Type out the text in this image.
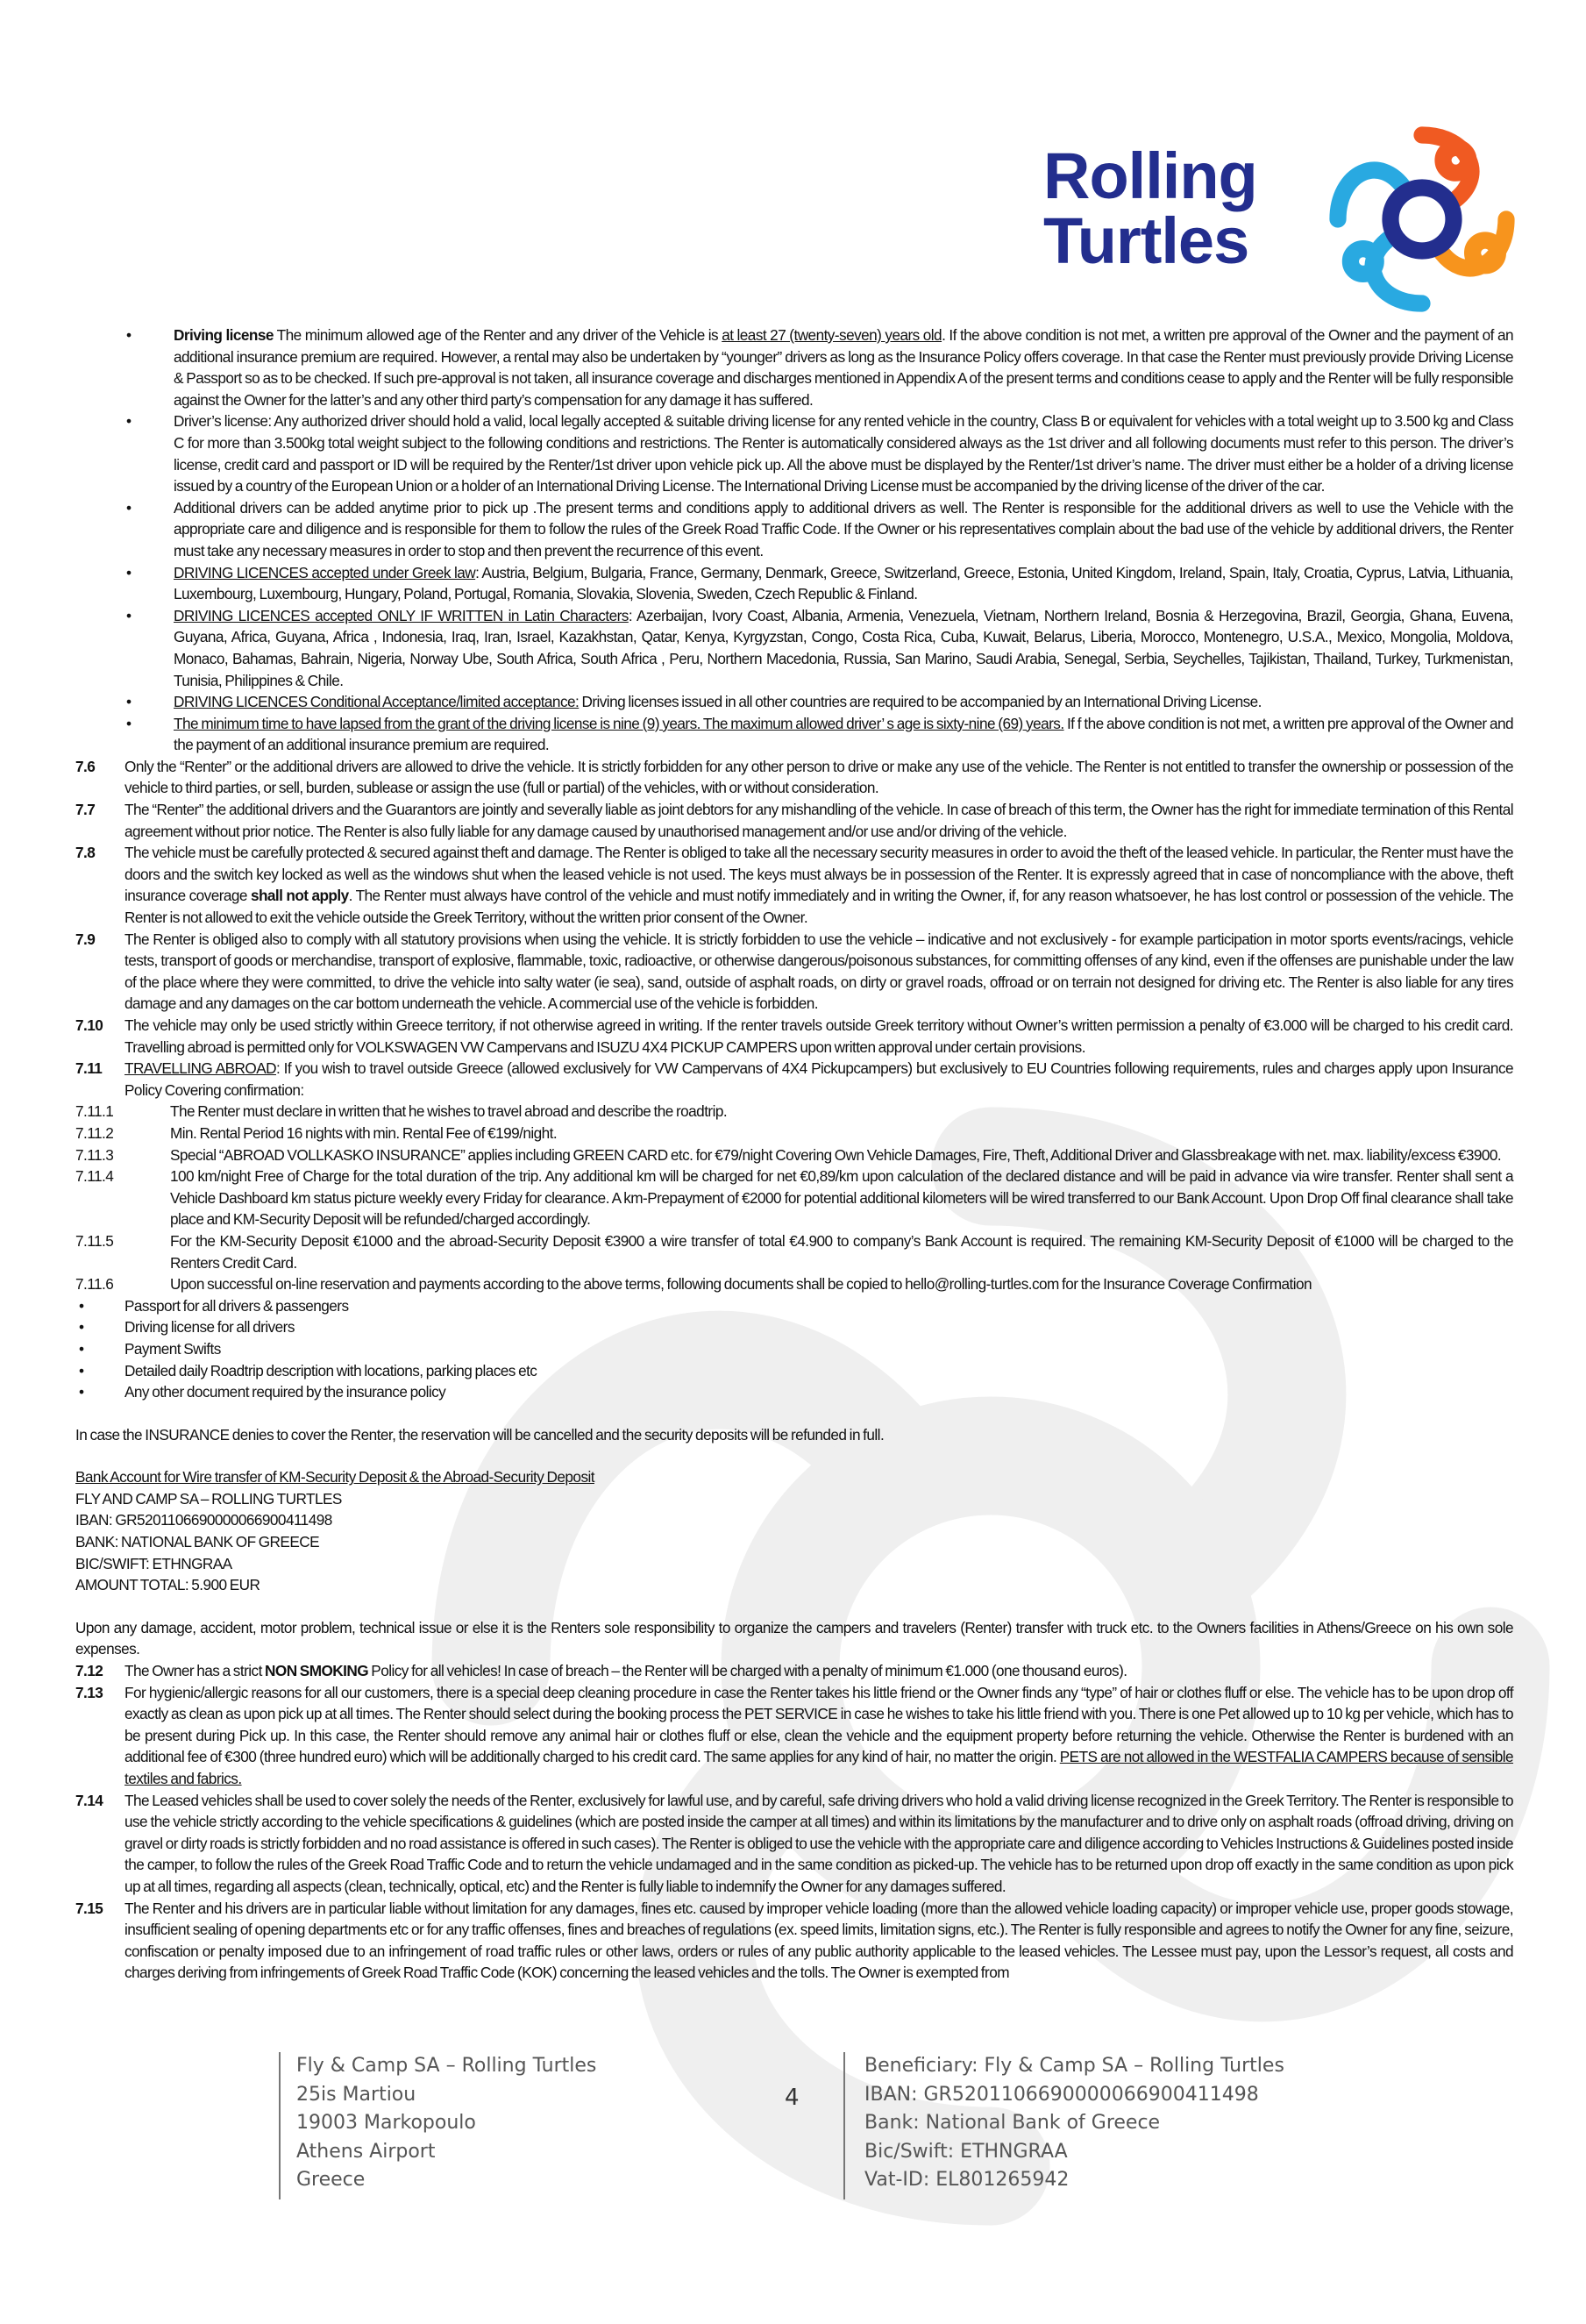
Rolling
Turtles
• Driving license The minimum allowed age of the Renter and any driver of the Vehicle is at least 27 (twenty-seven) years old. If the above condition is not met, a written pre approval of the Owner and the payment of an additional insurance premium are required. However, a rental may also be undertaken by “younger” drivers as long as the Insurance Policy offers coverage. In that case the Renter must previously provide Driving License & Passport so as to be checked. If such pre-approval is not taken, all insurance coverage and discharges mentioned in Appendix A of the present terms and conditions cease to apply and the Renter will be fully responsible against the Owner for the latter’s and any other third party’s compensation for any damage it has suffered.
• Driver’s license: Any authorized driver should hold a valid, local legally accepted & suitable driving license for any rented vehicle in the country, Class B or equivalent for vehicles with a total weight up to 3.500 kg and Class C for more than 3.500kg total weight subject to the following conditions and restrictions. The Renter is automatically considered always as the 1st driver and all following documents must refer to this person. The driver’s license, credit card and passport or ID will be required by the Renter/1st driver upon vehicle pick up. All the above must be displayed by the Renter/1st driver’s name. The driver must either be a holder of a driving license issued by a country of the European Union or a holder of an International Driving License. The International Driving License must be accompanied by the driving license of the driver of the car.
• Additional drivers can be added anytime prior to pick up .The present terms and conditions apply to additional drivers as well. The Renter is responsible for the additional drivers as well to use the Vehicle with the appropriate care and diligence and is responsible for them to follow the rules of the Greek Road Traffic Code. If the Owner or his representatives complain about the bad use of the vehicle by additional drivers, the Renter must take any necessary measures in order to stop and then prevent the recurrence of this event.
• DRIVING LICENCES accepted under Greek law: Austria, Belgium, Bulgaria, France, Germany, Denmark, Greece, Switzerland, Greece, Estonia, United Kingdom, Ireland, Spain, Italy, Croatia, Cyprus, Latvia, Lithuania, Luxembourg, Luxembourg, Hungary, Poland, Portugal, Romania, Slovakia, Slovenia, Sweden, Czech Republic & Finland.
• DRIVING LICENCES accepted ONLY IF WRITTEN in Latin Characters: Azerbaijan, Ivory Coast, Albania, Armenia, Venezuela, Vietnam, Northern Ireland, Bosnia & Herzegovina, Brazil, Georgia, Ghana, Euvena, Guyana, Africa, Guyana, Africa , Indonesia, Iraq, Iran, Israel, Kazakhstan, Qatar, Kenya, Kyrgyzstan, Congo, Costa Rica, Cuba, Kuwait, Belarus, Liberia, Morocco, Montenegro, U.S.A., Mexico, Mongolia, Moldova, Monaco, Bahamas, Bahrain, Nigeria, Norway Ube, South Africa, South Africa , Peru, Northern Macedonia, Russia, San Marino, Saudi Arabia, Senegal, Serbia, Seychelles, Tajikistan, Thailand, Turkey, Turkmenistan, Tunisia, Philippines & Chile.
• DRIVING LICENCES Conditional Acceptance/limited acceptance: Driving licenses issued in all other countries are required to be accompanied by an International Driving License.
• The minimum time to have lapsed from the grant of the driving license is nine (9) years. The maximum allowed driver’ s age is sixty-nine (69) years. If f the above condition is not met, a written pre approval of the Owner and the payment of an additional insurance premium are required.
7.6 Only the “Renter” or the additional drivers are allowed to drive the vehicle. It is strictly forbidden for any other person to drive or make any use of the vehicle. The Renter is not entitled to transfer the ownership or possession of the vehicle to third parties, or sell, burden, sublease or assign the use (full or partial) of the vehicles, with or without consideration.
7.7 The “Renter” the additional drivers and the Guarantors are jointly and severally liable as joint debtors for any mishandling of the vehicle. In case of breach of this term, the Owner has the right for immediate termination of this Rental agreement without prior notice. The Renter is also fully liable for any damage caused by unauthorised management and/or use and/or driving of the vehicle.
7.8 The vehicle must be carefully protected & secured against theft and damage. The Renter is obliged to take all the necessary security measures in order to avoid the theft of the leased vehicle. In particular, the Renter must have the doors and the switch key locked as well as the windows shut when the leased vehicle is not used. The keys must always be in possession of the Renter. It is expressly agreed that in case of noncompliance with the above, theft insurance coverage shall not apply. The Renter must always have control of the vehicle and must notify immediately and in writing the Owner, if, for any reason whatsoever, he has lost control or possession of the vehicle. The Renter is not allowed to exit the vehicle outside the Greek Territory, without the written prior consent of the Owner.
7.9 The Renter is obliged also to comply with all statutory provisions when using the vehicle. It is strictly forbidden to use the vehicle – indicative and not exclusively - for example participation in motor sports events/racings, vehicle tests, transport of goods or merchandise, transport of explosive, flammable, toxic, radioactive, or otherwise dangerous/poisonous substances, for committing offenses of any kind, even if the offenses are punishable under the law of the place where they were committed, to drive the vehicle into salty water (ie sea), sand, outside of asphalt roads, on dirty or gravel roads, offroad or on terrain not designed for driving etc. The Renter is also liable for any tires damage and any damages on the car bottom underneath the vehicle. A commercial use of the vehicle is forbidden.
7.10 The vehicle may only be used strictly within Greece territory, if not otherwise agreed in writing. If the renter travels outside Greek territory without Owner’s written permission a penalty of €3.000 will be charged to his credit card. Travelling abroad is permitted only for VOLKSWAGEN VW Campervans and ISUZU 4X4 PICKUP CAMPERS upon written approval under certain provisions.
7.11 TRAVELLING ABROAD: If you wish to travel outside Greece (allowed exclusively for VW Campervans of 4X4 Pickupcampers) but exclusively to EU Countries following requirements, rules and charges apply upon Insurance Policy Covering confirmation:
7.11.1	The Renter must declare in written that he wishes to travel abroad and describe the roadtrip.
7.11.2	Min. Rental Period 16 nights with min. Rental Fee of €199/night.
7.11.3	Special “ABROAD VOLLKASKO INSURANCE” applies including GREEN CARD etc. for €79/night Covering Own Vehicle Damages, Fire, Theft, Additional Driver and Glassbreakage with net. max. liability/excess €3900.
7.11.4	100 km/night Free of Charge for the total duration of the trip. Any additional km will be charged for net €0,89/km upon calculation of the declared distance and will be paid in advance via wire transfer. Renter shall sent a Vehicle Dashboard km status picture weekly every Friday for clearance. A km-Prepayment of €2000 for potential additional kilometers will be wired transferred to our Bank Account. Upon Drop Off final clearance shall take place and KM-Security Deposit will be refunded/charged accordingly.
7.11.5	For the KM-Security Deposit €1000 and the abroad-Security Deposit €3900 a wire transfer of total €4.900 to company’s Bank Account is required. The remaining KM-Security Deposit of €1000 will be charged to the Renters Credit Card.
7.11.6	Upon successful on-line reservation and payments according to the above terms, following documents shall be copied to hello@rolling-turtles.com for the Insurance Coverage Confirmation
• Passport for all drivers & passengers
• Driving license for all drivers
• Payment Swifts
• Detailed daily Roadtrip description with locations, parking places etc
• Any other document required by the insurance policy
In case the INSURANCE denies to cover the Renter, the reservation will be cancelled and the security deposits will be refunded in full.
Bank Account for Wire transfer of KM-Security Deposit & the Abroad-Security Deposit
FLY AND CAMP SA – ROLLING TURTLES
IBAN: GR5201106690000066900411498
BANK: NATIONAL BANK OF GREECE
BIC/SWIFT: ETHNGRAA
AMOUNT TOTAL: 5.900 EUR
Upon any damage, accident, motor problem, technical issue or else it is the Renters sole responsibility to organize the campers and travelers (Renter) transfer with truck etc. to the Owners facilities in Athens/Greece on his own sole expenses.
7.12 The Owner has a strict NON SMOKING Policy for all vehicles! In case of breach – the Renter will be charged with a penalty of minimum €1.000 (one thousand euros).
7.13 For hygienic/allergic reasons for all our customers, there is a special deep cleaning procedure in case the Renter takes his little friend or the Owner finds any “type” of hair or clothes fluff or else. The vehicle has to be upon drop off exactly as clean as upon pick up at all times. The Renter should select during the booking process the PET SERVICE in case he wishes to take his little friend with you. There is one Pet allowed up to 10 kg per vehicle, which has to be present during Pick up. In this case, the Renter should remove any animal hair or clothes fluff or else, clean the vehicle and the equipment property before returning the vehicle. Otherwise the Renter is burdened with an additional fee of €300 (three hundred euro) which will be additionally charged to his credit card. The same applies for any kind of hair, no matter the origin. PETS are not allowed in the WESTFALIA CAMPERS because of sensible textiles and fabrics.
7.14 The Leased vehicles shall be used to cover solely the needs of the Renter, exclusively for lawful use, and by careful, safe driving drivers who hold a valid driving license recognized in the Greek Territory. The Renter is responsible to use the vehicle strictly according to the vehicle specifications & guidelines (which are posted inside the camper at all times) and within its limitations by the manufacturer and to drive only on asphalt roads (offroad driving, driving on gravel or dirty roads is strictly forbidden and no road assistance is offered in such cases). The Renter is obliged to use the vehicle with the appropriate care and diligence according to Vehicles Instructions & Guidelines posted inside the camper, to follow the rules of the Greek Road Traffic Code and to return the vehicle undamaged and in the same condition as picked-up. The vehicle has to be returned upon drop off exactly in the same condition as upon pick up at all times, regarding all aspects (clean, technically, optical, etc) and the Renter is fully liable to indemnify the Owner for any damages suffered.
7.15 The Renter and his drivers are in particular liable without limitation for any damages, fines etc. caused by improper vehicle loading (more than the allowed vehicle loading capacity) or improper vehicle use, proper goods stowage, insufficient sealing of opening departments etc or for any traffic offenses, fines and breaches of regulations (ex. speed limits, limitation signs, etc.). The Renter is fully responsible and agrees to notify the Owner for any fine, seizure, confiscation or penalty imposed due to an infringement of road traffic rules or other laws, orders or rules of any public authority applicable to the leased vehicles. The Lessee must pay, upon the Lessor’s request, all costs and charges deriving from infringements of Greek Road Traffic Code (KOK) concerning the leased vehicles and the tolls. The Owner is exempted from
Fly & Camp SA – Rolling Turtles
25is Martiou
19003 Markopoulo
Athens Airport
Greece
4
Beneficiary: Fly & Camp SA – Rolling Turtles
IBAN: GR5201106690000066900411498
Bank: National Bank of Greece
Bic/Swift: ETHNGRAA
Vat-ID: EL801265942
